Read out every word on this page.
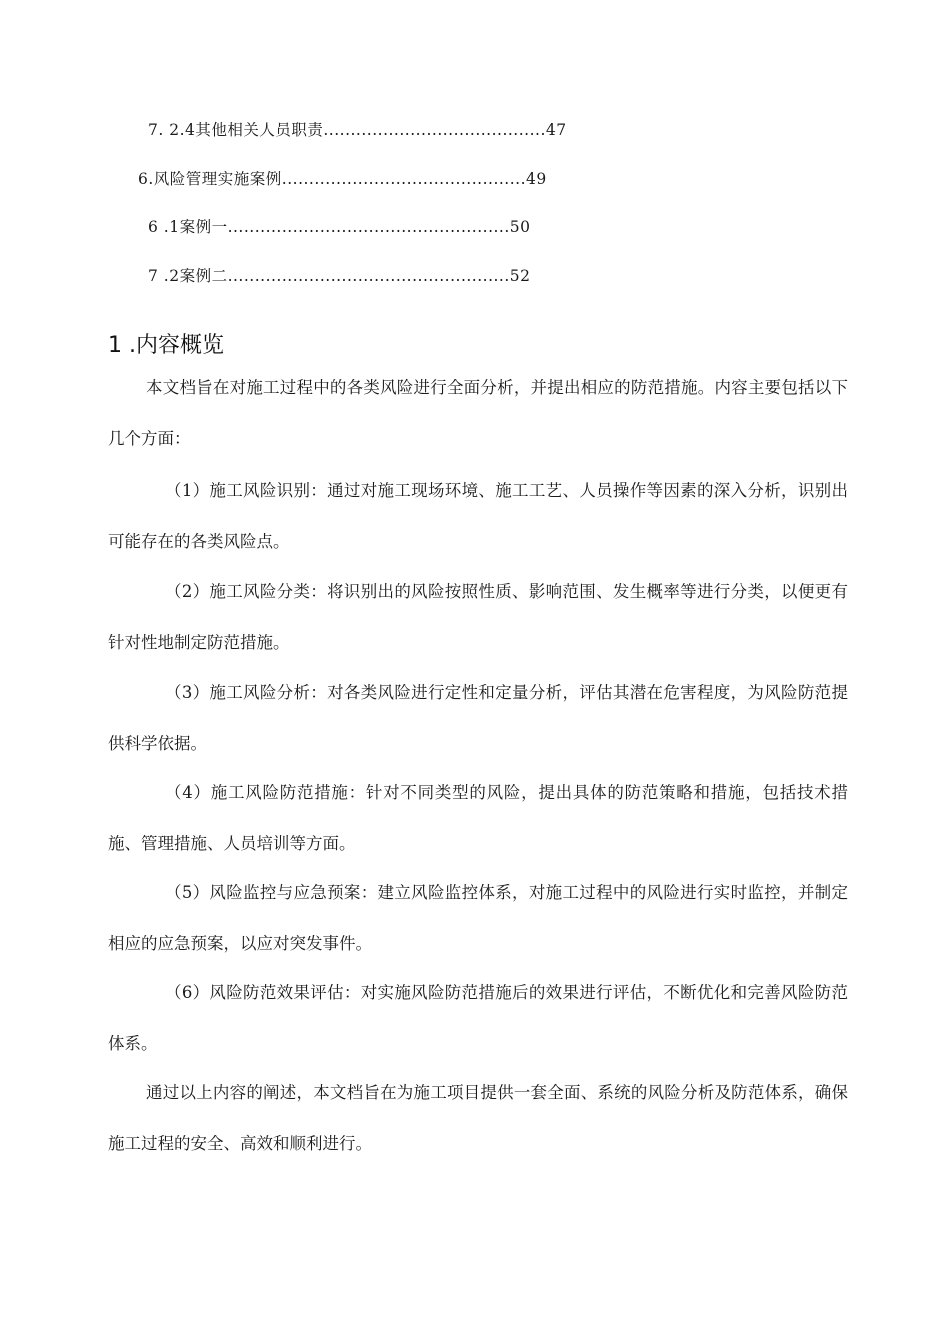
7. 2.4其他相关人员职责.........................................47
6.风险管理实施案例.............................................49
6 .1案例一....................................................50
7 .2案例二....................................................52
1 .内容概览

本文档旨在对施工过程中的各类风险进行全面分析，并提出相应的防范措施。内容主要包括以下几个方面：

（1）施工风险识别：通过对施工现场环境、施工工艺、人员操作等因素的深入分析，识别出可能存在的各类风险点。

（2）施工风险分类：将识别出的风险按照性质、影响范围、发生概率等进行分类，以便更有针对性地制定防范措施。

（3）施工风险分析：对各类风险进行定性和定量分析，评估其潜在危害程度，为风险防范提供科学依据。

（4）施工风险防范措施：针对不同类型的风险，提出具体的防范策略和措施，包括技术措施、管理措施、人员培训等方面。

（5）风险监控与应急预案：建立风险监控体系，对施工过程中的风险进行实时监控，并制定相应的应急预案，以应对突发事件。

（6）风险防范效果评估：对实施风险防范措施后的效果进行评估，不断优化和完善风险防范体系。

通过以上内容的阐述，本文档旨在为施工项目提供一套全面、系统的风险分析及防范体系，确保施工过程的安全、高效和顺利进行。
